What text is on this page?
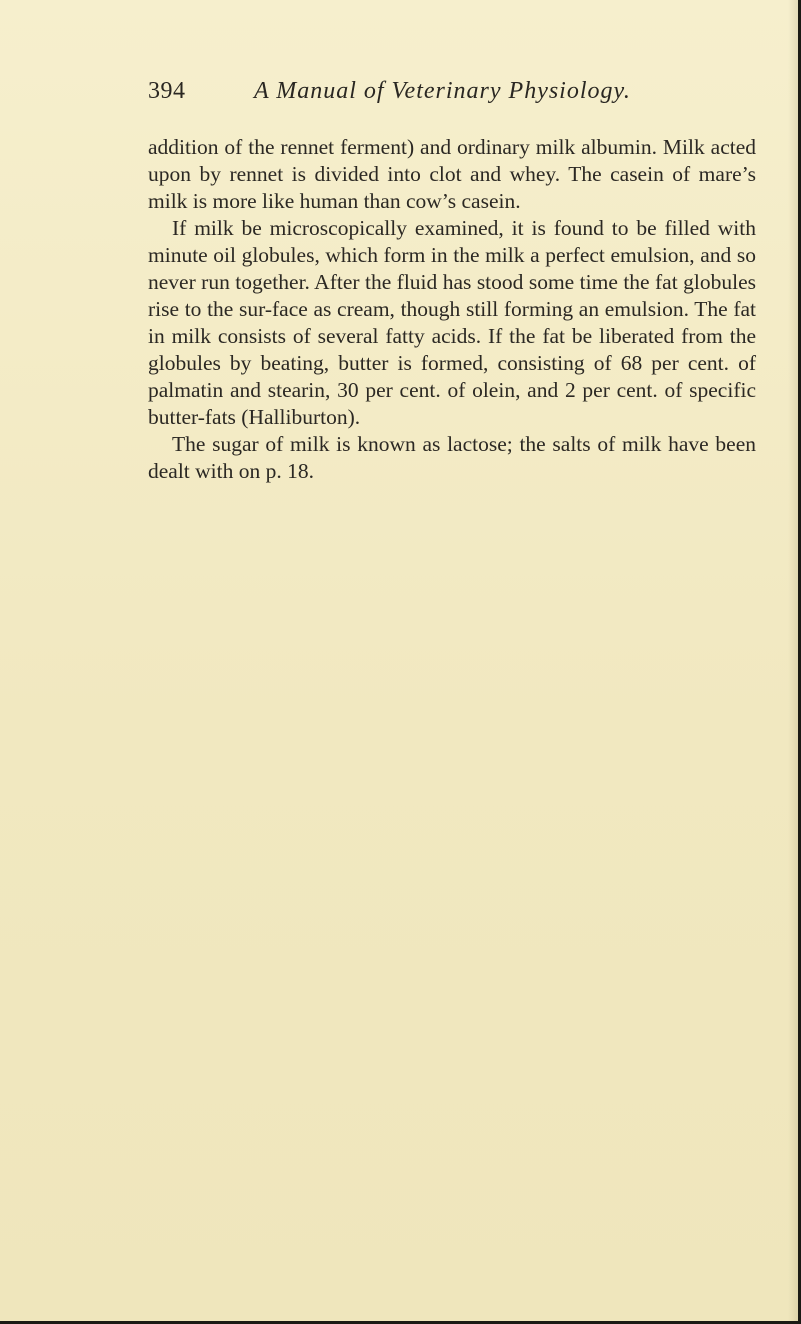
394	A Manual of Veterinary Physiology.

addition of the rennet ferment) and ordinary milk albumin. Milk acted upon by rennet is divided into clot and whey. The casein of mare’s milk is more like human than cow’s casein.

If milk be microscopically examined, it is found to be filled with minute oil globules, which form in the milk a perfect emulsion, and so never run together. After the fluid has stood some time the fat globules rise to the sur-face as cream, though still forming an emulsion. The fat in milk consists of several fatty acids. If the fat be liberated from the globules by beating, butter is formed, consisting of 68 per cent. of palmatin and stearin, 30 per cent. of olein, and 2 per cent. of specific butter-fats (Halliburton).

The sugar of milk is known as lactose; the salts of milk have been dealt with on p. 18.
